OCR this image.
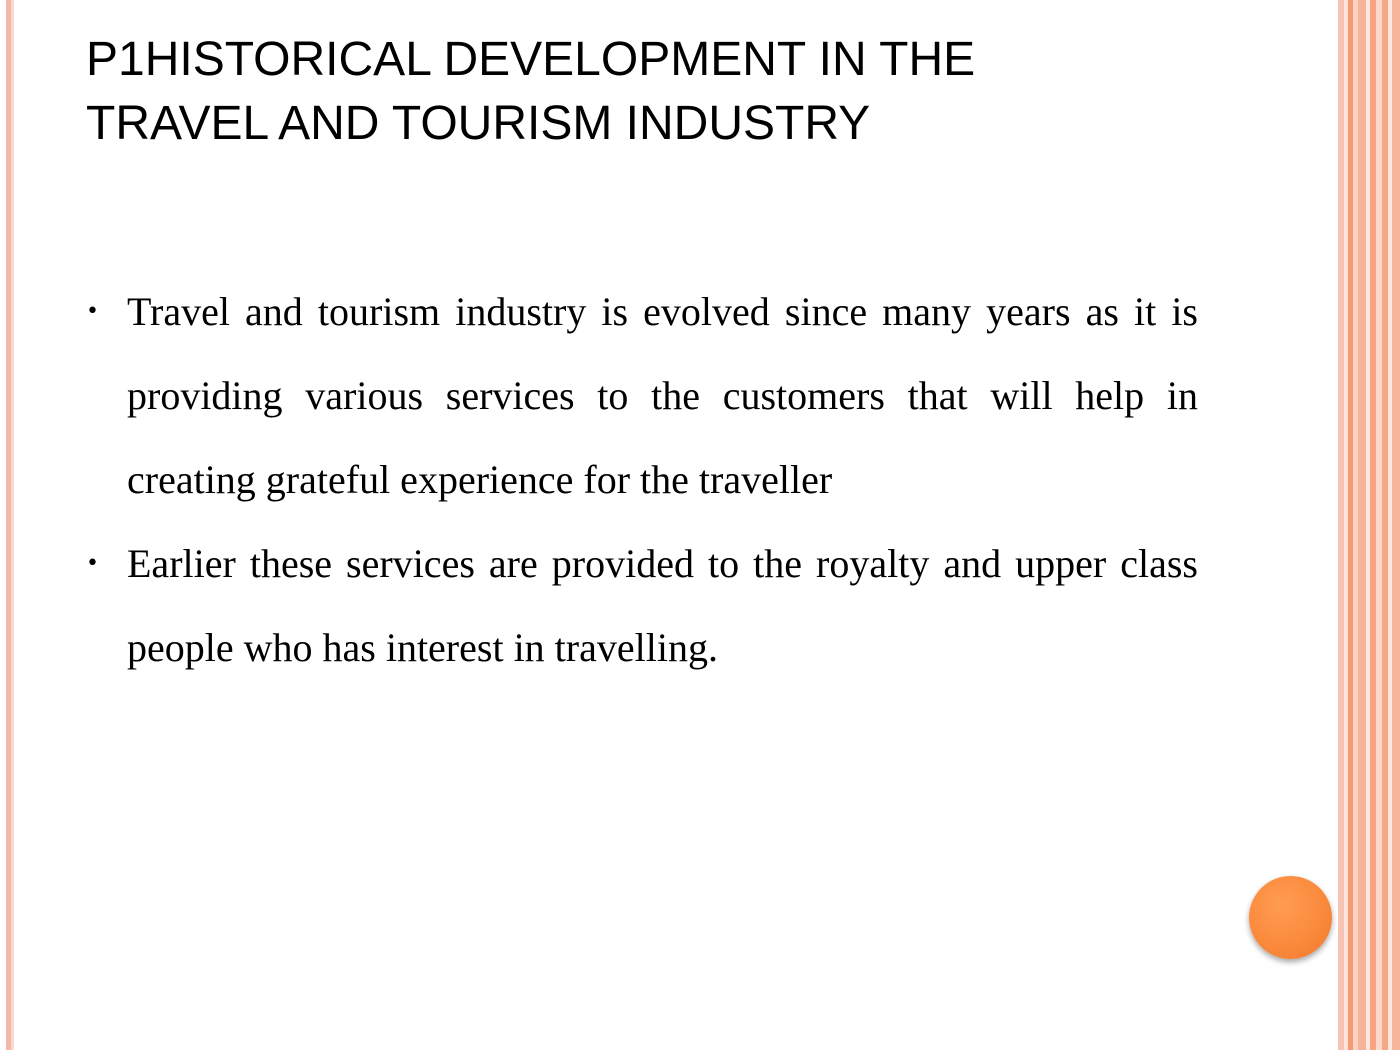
P1HISTORICAL DEVELOPMENT IN THE
TRAVEL AND TOURISM INDUSTRY
• Travel and tourism industry is evolved since many years as it is providing various services to the customers that will help in creating grateful experience for the traveller
• Earlier these services are provided to the royalty and upper class people who has interest in travelling.
